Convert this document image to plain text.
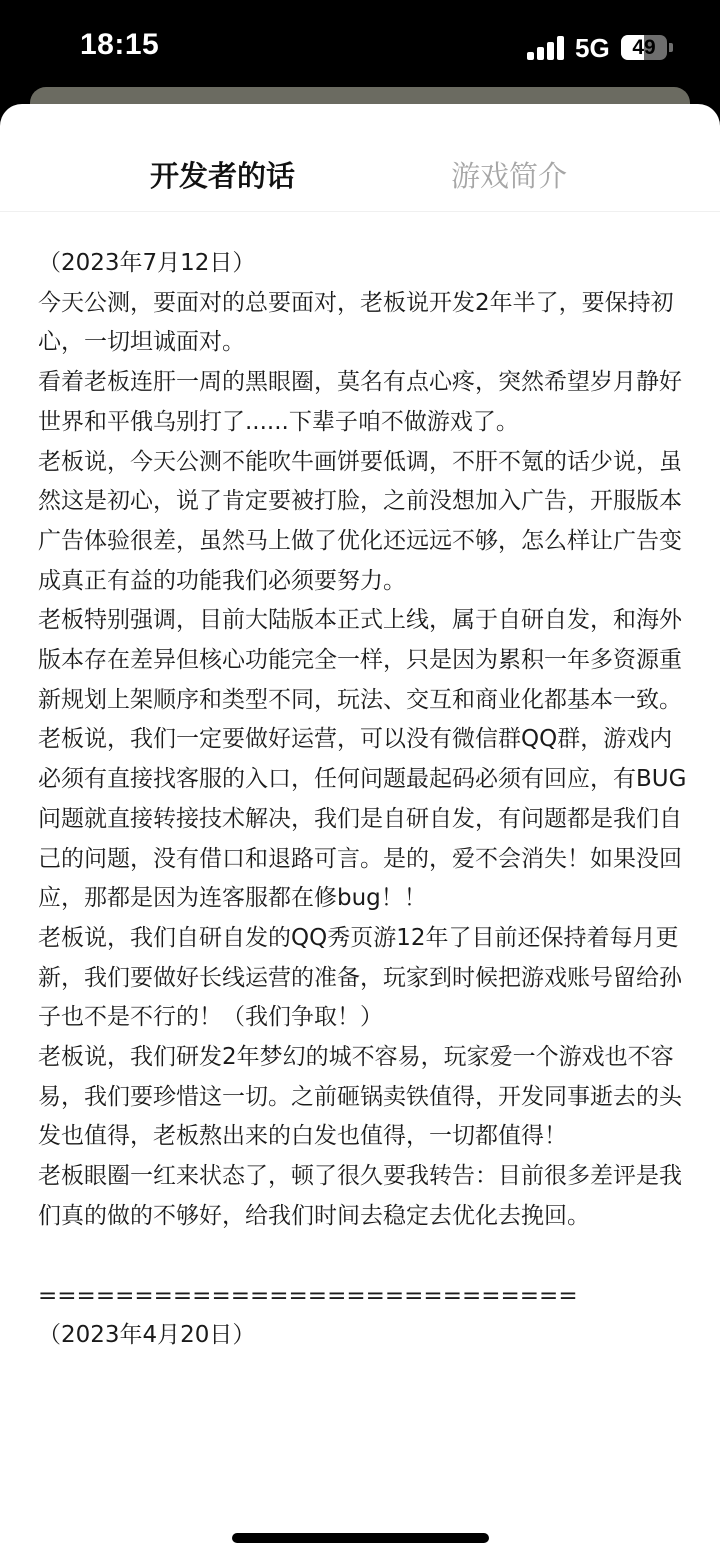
18:15	5G	49
开发者的话	游戏简介

（2023年7月12日）

今天公测，要面对的总要面对，老板说开发2年半了，要保持初心，一切坦诚面对。

看着老板连肝一周的黑眼圈，莫名有点心疼，突然希望岁月静好世界和平俄乌别打了......下辈子咱不做游戏了。

老板说，今天公测不能吹牛画饼要低调，不肝不氪的话少说，虽然这是初心，说了肯定要被打脸，之前没想加入广告，开服版本广告体验很差，虽然马上做了优化还远远不够，怎么样让广告变成真正有益的功能我们必须要努力。

老板特别强调，目前大陆版本正式上线，属于自研自发，和海外版本存在差异但核心功能完全一样，只是因为累积一年多资源重新规划上架顺序和类型不同，玩法、交互和商业化都基本一致。

老板说，我们一定要做好运营，可以没有微信群QQ群，游戏内必须有直接找客服的入口，任何问题最起码必须有回应，有BUG问题就直接转接技术解决，我们是自研自发，有问题都是我们自己的问题，没有借口和退路可言。是的，爱不会消失！如果没回应，那都是因为连客服都在修bug！！

老板说，我们自研自发的QQ秀页游12年了目前还保持着每月更新，我们要做好长线运营的准备，玩家到时候把游戏账号留给孙子也不是不行的！（我们争取！）

老板说，我们研发2年梦幻的城不容易，玩家爱一个游戏也不容易，我们要珍惜这一切。之前砸锅卖铁值得，开发同事逝去的头发也值得，老板熬出来的白发也值得，一切都值得！

老板眼圈一红来状态了，顿了很久要我转告：目前很多差评是我们真的做的不够好，给我们时间去稳定去优化去挽回。

============================

（2023年4月20日）
